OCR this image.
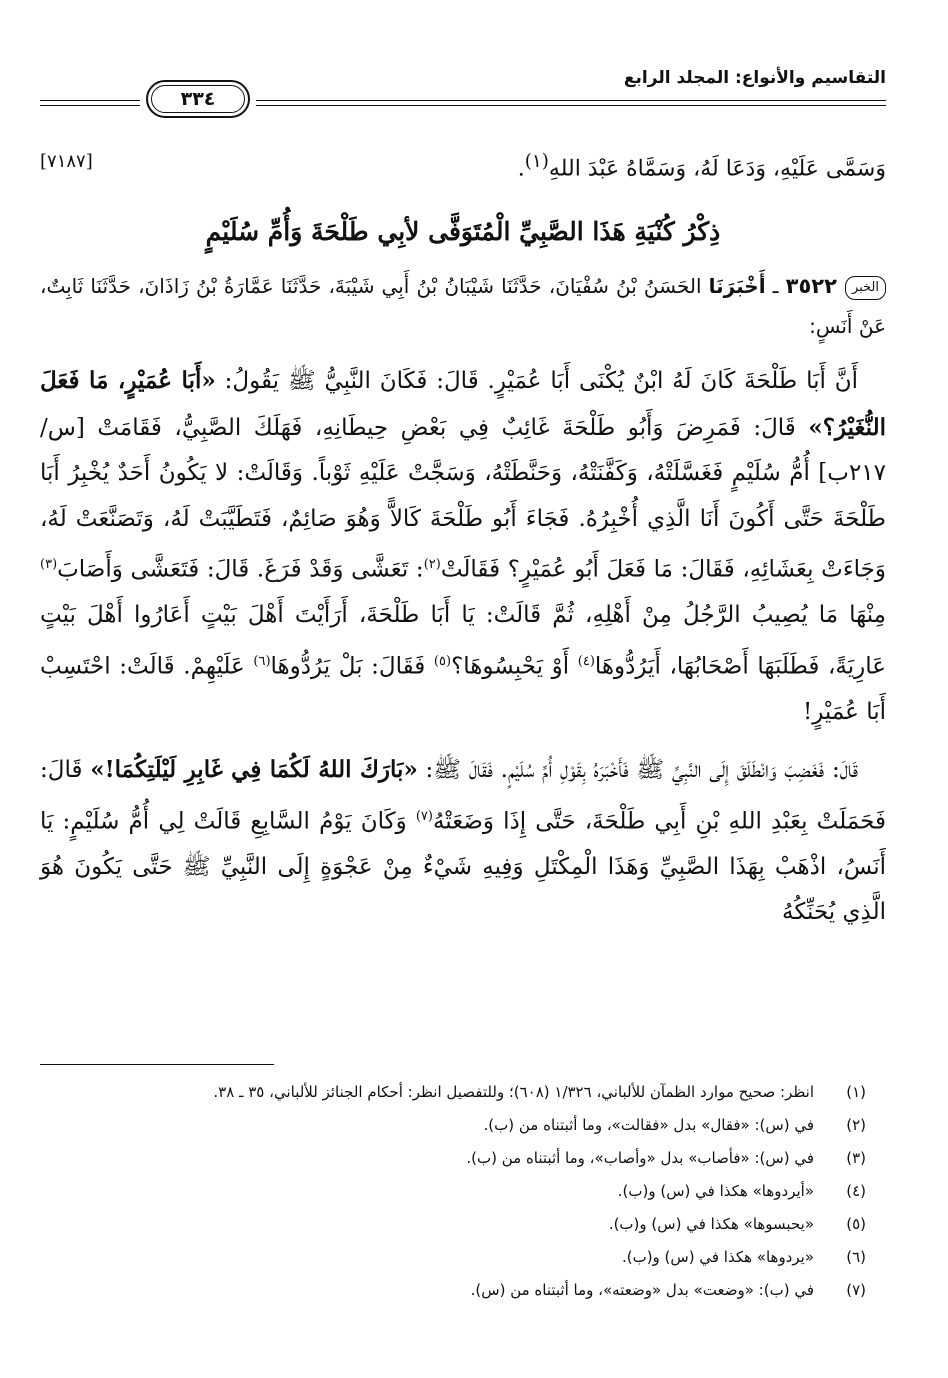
التقاسيم والأنواع: المجلد الرابع
٣٣٤
وَسَمَّى عَلَيْهِ، وَدَعَا لَهُ، وَسَمَّاهُ عَبْدَ اللهِ$^{(١)}$.
[٧١٨٧]
ذِكْرُ كُنْيَةِ هَذَا الصَّبِيِّ الْمُتَوَفَّى لأبِي طَلْحَةَ وَأُمِّ سُلَيْمٍ
الخبر٣٥٢٢ ـ أَخْبَرَنَا الحَسَنُ بْنُ سُفْيَانَ، حَدَّثَنَا شَيْبَانُ بْنُ أَبِي شَيْبَةَ، حَدَّثَنَا عَمَّارَةُ بْنُ زَاذَانَ، حَدَّثَنَا ثَابِتٌ، عَنْ أَنَسٍ:
أَنَّ أَبَا طَلْحَةَ كَانَ لَهُ ابْنٌ يُكْنَى أَبَا عُمَيْرٍ. قَالَ: فَكَانَ النَّبِيُّ ﷺ يَقُولُ: «أَبَا عُمَيْرٍ، مَا فَعَلَ النُّغَيْرُ؟» قَالَ: فَمَرِضَ وَأَبُو طَلْحَةَ غَائِبٌ فِي بَعْضِ حِيطَانِهِ، فَهَلَكَ الصَّبِيُّ، فَقَامَتْ [س/٢١٧ب] أُمُّ سُلَيْمٍ فَغَسَّلَتْهُ، وَكَفَّنَتْهُ، وَحَنَّطَتْهُ، وَسَجَّتْ عَلَيْهِ ثَوْباً. وَقَالَتْ: لا يَكُونُ أَحَدٌ يُخْبِرُ أَبَا طَلْحَةَ حَتَّى أَكُونَ أَنَا الَّذِي أُخْبِرُهُ. فَجَاءَ أَبُو طَلْحَةَ كَالاًّ وَهُوَ صَائِمٌ، فَتَطَيَّبَتْ لَهُ، وَتَصَنَّعَتْ لَهُ، وَجَاءَتْ بِعَشَائِهِ، فَقَالَ: مَا فَعَلَ أَبُو عُمَيْرٍ؟ فَقَالَتْ$^{(٢)}$: تَعَشَّى وَقَدْ فَرَغَ. قَالَ: فَتَعَشَّى وَأَصَابَ$^{(٣)}$ مِنْهَا مَا يُصِيبُ الرَّجُلُ مِنْ أَهْلِهِ، ثُمَّ قَالَتْ: يَا أَبَا طَلْحَةَ، أَرَأَيْتَ أَهْلَ بَيْتٍ أَعَارُوا أَهْلَ بَيْتٍ عَارِيَةً، فَطَلَبَهَا أَصْحَابُهَا، أَيَرُدُّوهَا$^{(٤)}$ أَوْ يَحْبِسُوهَا؟$^{(٥)}$ فَقَالَ: بَلْ يَرُدُّوهَا$^{(٦)}$ عَلَيْهِمْ. قَالَتْ: احْتَسِبْ أَبَا عُمَيْرٍ!
قَالَ: فَغَضِبَ وَانْطَلَقَ إِلَى النَّبِيِّ ﷺ فَأَخْبَرَهُ بِقَوْلِ أُمِّ سُلَيْمٍ. فَقَالَ ﷺ: «بَارَكَ اللهُ لَكُمَا فِي غَابِرِ لَيْلَتِكُمَا!» قَالَ: فَحَمَلَتْ بِعَبْدِ اللهِ بْنِ أَبِي طَلْحَةَ، حَتَّى إِذَا وَضَعَتْهُ$^{(٧)}$ وَكَانَ يَوْمُ السَّابِعِ قَالَتْ لِي أُمُّ سُلَيْمٍ: يَا أَنَسُ، اذْهَبْ بِهَذَا الصَّبِيِّ وَهَذَا الْمِكْتَلِ وَفِيهِ شَيْءٌ مِنْ عَجْوَةٍ إِلَى النَّبِيِّ ﷺ حَتَّى يَكُونَ هُوَ الَّذِي يُحَنِّكُهُ
(١)
انظر: صحيح موارد الظمآن للألباني، ١/٣٢٦ (٦٠٨)؛ وللتفصيل انظر: أحكام الجنائز للألباني، ٣٥ ـ ٣٨.
(٢)
في (س): «فقال» بدل «فقالت»، وما أثبتناه من (ب).
(٣)
في (س): «فأصاب» بدل «وأصاب»، وما أثبتناه من (ب).
(٤)
«أيردوها» هكذا في (س) و(ب).
(٥)
«يحبسوها» هكذا في (س) و(ب).
(٦)
«يردوها» هكذا في (س) و(ب).
(٧)
في (ب): «وضعت» بدل «وضعته»، وما أثبتناه من (س).
